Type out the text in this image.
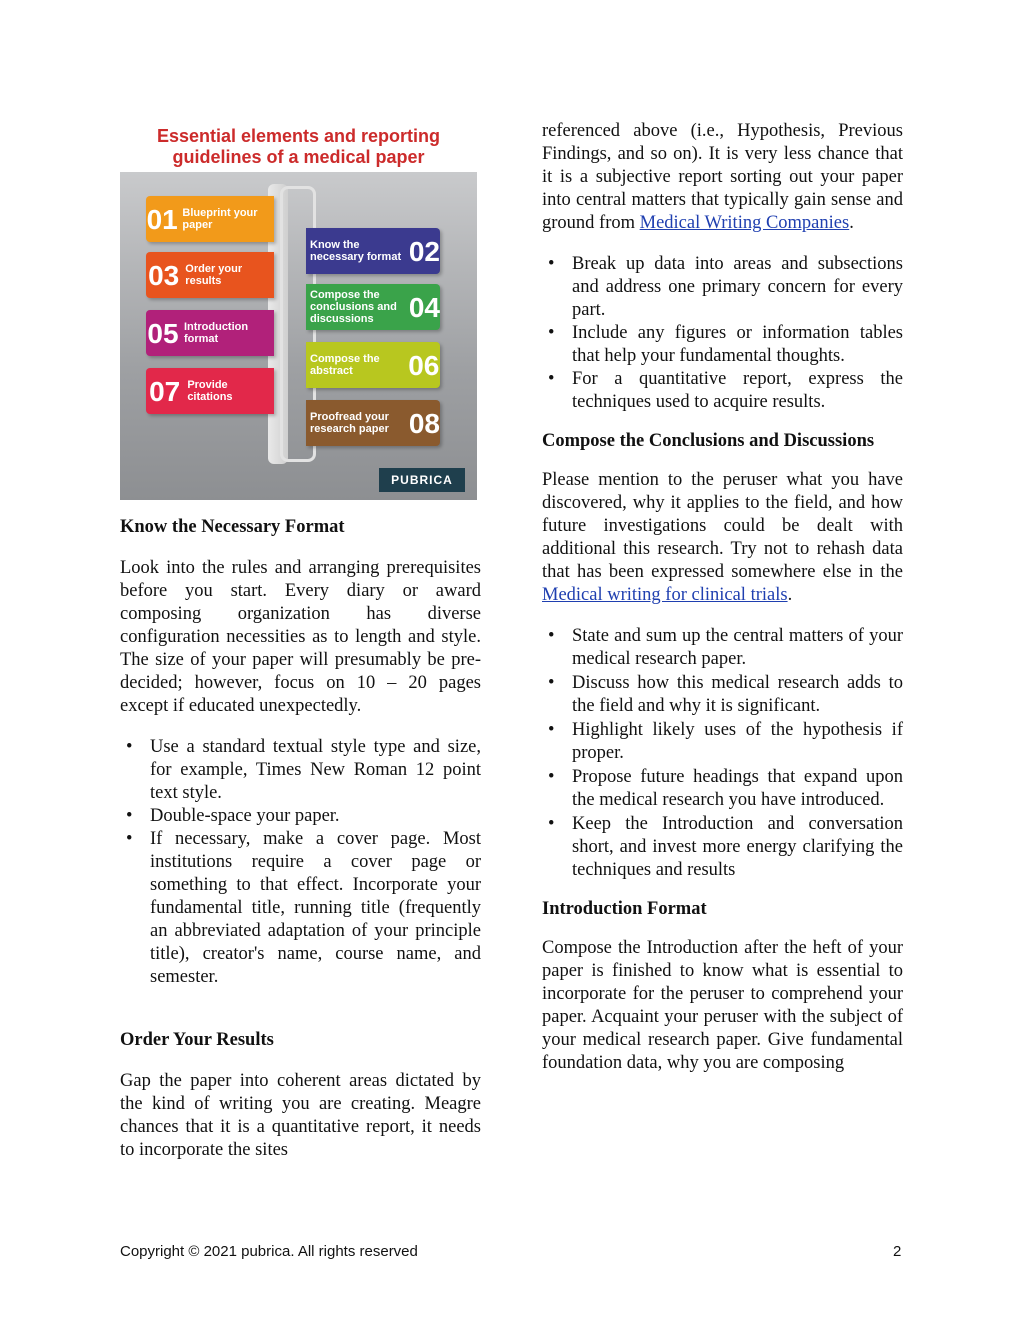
Essential elements and reporting
guidelines of a medical paper
01 Blueprint your paper
02
Know the necessary format
03 Order your results
04
Compose the conclusions and discussions
05 Introduction format
06
Compose the abstract
07 Provide citations
08
Proofread your research paper
PUBRICA
Know the Necessary Format

Look into the rules and arranging prerequisites before you start. Every diary or award composing organization has diverse configuration necessities as to length and style. The size of your paper will presumably be pre-decided; however, focus on 10 – 20 pages except if educated unexpectedly.

• Use a standard textual style type and size, for example, Times New Roman 12 point text style.
• Double-space your paper.
• If necessary, make a cover page. Most institutions require a cover page or something to that effect. Incorporate your fundamental title, running title (frequently an abbreviated adaptation of your principle title), creator's name, course name, and semester.
Order Your Results

Gap the paper into coherent areas dictated by the kind of writing you are creating. Meagre chances that it is a quantitative report, it needs to incorporate the sites

referenced above (i.e., Hypothesis, Previous Findings, and so on). It is very less chance that it is a subjective report sorting out your paper into central matters that typically gain sense and ground from Medical Writing Companies.

• Break up data into areas and subsections and address one primary concern for every part.
• Include any figures or information tables that help your fundamental thoughts.
• For a quantitative report, express the techniques used to acquire results.
Compose the Conclusions and Discussions

Please mention to the peruser what you have discovered, why it applies to the field, and how future investigations could be dealt with additional this research. Try not to rehash data that has been expressed somewhere else in the Medical writing for clinical trials.

• State and sum up the central matters of your medical research paper.
• Discuss how this medical research adds to the field and why it is significant.
• Highlight likely uses of the hypothesis if proper.
• Propose future headings that expand upon the medical research you have introduced.
• Keep the Introduction and conversation short, and invest more energy clarifying the techniques and results
Introduction Format

Compose the Introduction after the heft of your paper is finished to know what is essential to incorporate for the peruser to comprehend your paper. Acquaint your peruser with the subject of your medical research paper. Give fundamental foundation data, why you are composing

Copyright © 2021 pubrica. All rights reserved	2
